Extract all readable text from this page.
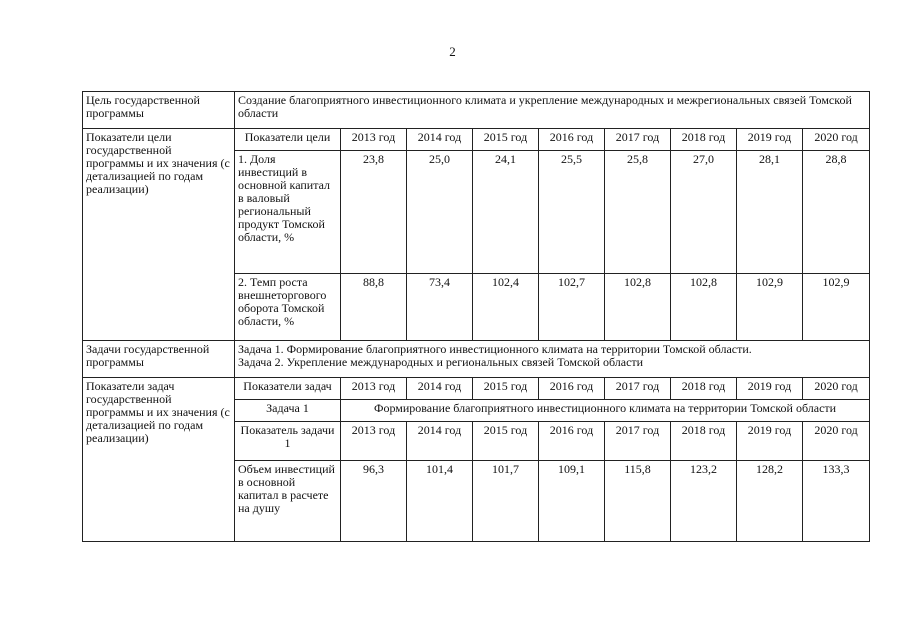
2
Цель государственной программы	Создание благоприятного инвестиционного климата и укрепление международных и межрегиональных связей Томской области								
Показатели цели государственной программы и их значения (с детализацией по годам реализации)	Показатели цели	2013 год	2014 год	2015 год	2016 год	2017 год	2018 год	2019 год	2020 год
	1. Доля инвестиций в основной капитал в валовый региональный продукт Томской области, %	23,8	25,0	24,1	25,5	25,8	27,0	28,1	28,8
	2. Темп роста внешнеторгового оборота Томской области, %	88,8	73,4	102,4	102,7	102,8	102,8	102,9	102,9
Задачи государственной программы	Задача 1. Формирование благоприятного инвестиционного климата на территории Томской области.
Задача 2. Укрепление международных и региональных связей Томской области								

Показатели задач государственной программы и их значения (с детализацией по годам реализации)	Показатели задач	2013 год	2014 год	2015 год	2016 год	2017 год	2018 год	2019 год	2020 год
	Задача 1	Формирование благоприятного инвестиционного климата на территории Томской области							
	Показатель задачи 1	2013 год	2014 год	2015 год	2016 год	2017 год	2018 год	2019 год	2020 год
	Объем инвестиций в основной капитал в расчете на душу	96,3	101,4	101,7	109,1	115,8	123,2	128,2	133,3
